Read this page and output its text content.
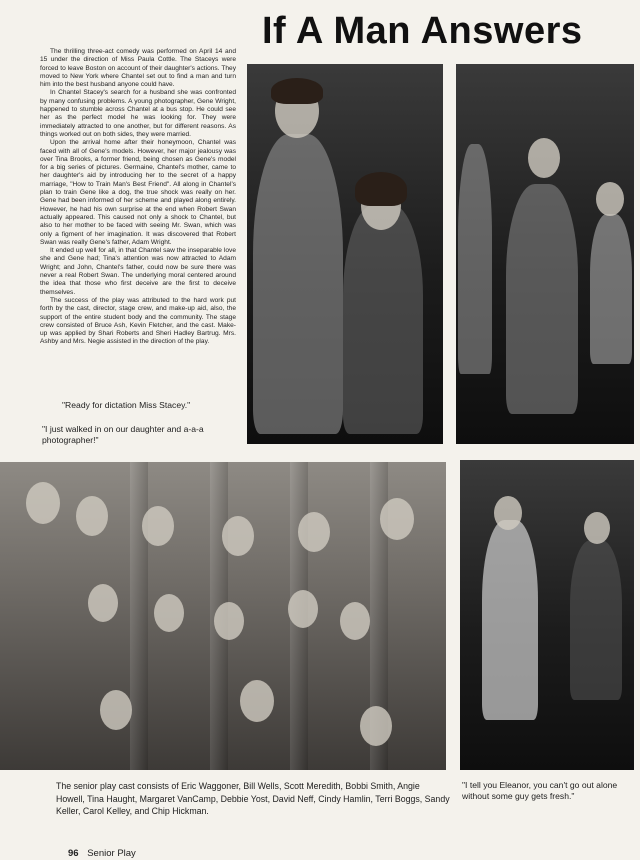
If A Man Answers

The thrilling three-act comedy was performed on April 14 and 15 under the direction of Miss Paula Cottle. The Staceys were forced to leave Boston on account of their daughter's actions. They moved to New York where Chantel set out to find a man and turn him into the best husband anyone could have.

In Chantel Stacey's search for a husband she was confronted by many confusing problems. A young photographer, Gene Wright, happened to stumble across Chantel at a bus stop. He could see her as the perfect model he was looking for. They were immediately attracted to one another, but for different reasons. As things worked out on both sides, they were married.

Upon the arrival home after their honeymoon, Chantel was faced with all of Gene's models. However, her major jealousy was over Tina Brooks, a former friend, being chosen as Gene's model for a big series of pictures. Germaine, Chantel's mother, came to her daughter's aid by introducing her to the secret of a happy marriage, "How to Train Man's Best Friend". All along in Chantel's plan to train Gene like a dog, the true shock was really on her. Gene had been informed of her scheme and played along entirely. However, he had his own surprise at the end when Robert Swan actually appeared. This caused not only a shock to Chantel, but also to her mother to be faced with seeing Mr. Swan, which was only a figment of her imagination. It was discovered that Robert Swan was really Gene's father, Adam Wright.

It ended up well for all, in that Chantel saw the inseparable love she and Gene had; Tina's attention was now attracted to Adam Wright; and John, Chantel's father, could now be sure there was never a real Robert Swan. The underlying moral centered around the idea that those who first deceive are the first to deceive themselves.

The success of the play was attributed to the hard work put forth by the cast, director, stage crew, and make-up aid, also, the support of the entire student body and the community. The stage crew consisted of Bruce Ash, Kevin Fletcher, and the cast. Make-up was applied by Shari Roberts and Sheri Hadley Bartrug. Mrs. Ashby and Mrs. Negie assisted in the direction of the play.

"Ready for dictation Miss Stacey."
"I just walked in on our daughter and a-a-a photographer!"
The senior play cast consists of Eric Waggoner, Bill Wells, Scott Meredith, Bobbi Smith, Angie Howell, Tina Haught, Margaret VanCamp, Debbie Yost, David Neff, Cindy Hamlin, Terri Boggs, Sandy Keller, Carol Kelley, and Chip Hickman.
"I tell you Eleanor, you can't go out alone without some guy gets fresh."
96 Senior Play
